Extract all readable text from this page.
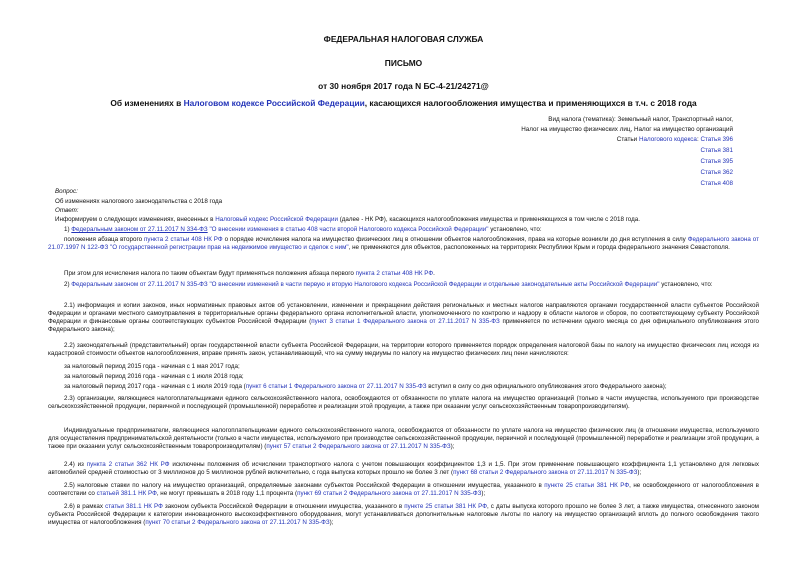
ФЕДЕРАЛЬНАЯ НАЛОГОВАЯ СЛУЖБА
ПИСЬМО
от 30 ноября 2017 года N БС-4-21/24271@
Об изменениях в Налоговом кодексе Российской Федерации, касающихся налогообложения имущества и применяющихся в т.ч. с 2018 года
Вид налога (тематика): Земельный налог, Транспортный налог,
Налог на имущество физических лиц, Налог на имущество организаций
Статьи Налогового кодекса: Статья 396
Статья 381
Статья 395
Статья 362
Статья 408
Вопрос:
Об изменениях налогового законодательства с 2018 года
Ответ:
Информируем о следующих изменениях, внесенных в Налоговый кодекс Российской Федерации (далее - НК РФ), касающихся налогообложения имущества и применяющихся в том числе с 2018 года.
1) Федеральным законом от 27.11.2017 N 334-ФЗ "О внесении изменения в статью 408 части второй Налогового кодекса Российской Федерации" установлено, что:
положения абзаца второго пункта 2 статьи 408 НК РФ о порядке исчисления налога на имущество физических лиц в отношении объектов налогообложения, права на которые возникли до дня вступления в силу Федерального закона от 21.07.1997 N 122-ФЗ "О государственной регистрации прав на недвижимое имущество и сделок с ним", не применяются для объектов, расположенных на территориях Республики Крым и города федерального значения Севастополя.
При этом для исчисления налога по таким объектам будут применяться положения абзаца первого пункта 2 статьи 408 НК РФ.
2) Федеральным законом от 27.11.2017 N 335-ФЗ "О внесении изменений в части первую и вторую Налогового кодекса Российской Федерации и отдельные законодательные акты Российской Федерации" установлено, что:
2.1) информация и копии законов, иных нормативных правовых актов об установлении, изменении и прекращении действия региональных и местных налогов направляются органами государственной власти субъектов Российской Федерации и органами местного самоуправления в территориальные органы федерального органа исполнительной власти, уполномоченного по контролю и надзору в области налогов и сборов, по соответствующему субъекту Российской Федерации и финансовые органы соответствующих субъектов Российской Федерации (пункт 3 статьи 1 Федерального закона от 27.11.2017 N 335-ФЗ применяется по истечении одного месяца со дня официального опубликования этого Федерального закона);
2.2) законодательный (представительный) орган государственной власти субъекта Российской Федерации, на территории которого применяется порядок определения налоговой базы по налогу на имущество физических лиц исходя из кадастровой стоимости объектов налогообложения, вправе принять закон, устанавливающий, что на сумму медиумы по налогу на имущество физических лиц пени начисляются:
за налоговый период 2015 года - начиная с 1 мая 2017 года;
за налоговый период 2016 года - начиная с 1 июля 2018 года;
за налоговый период 2017 года - начиная с 1 июля 2019 года (пункт 6 статьи 1 Федерального закона от 27.11.2017 N 335-ФЗ вступил в силу со дня официального опубликования этого Федерального закона);
2.3) организации, являющиеся налогоплательщиками единого сельскохозяйственного налога, освобождаются от обязанности по уплате налога на имущество организаций (только в части имущества, используемого при производстве сельскохозяйственной продукции, первичной и последующей (промышленной) переработке и реализации этой продукции, а также при оказании услуг сельскохозяйственным товаропроизводителям).
Индивидуальные предприниматели, являющиеся налогоплательщиками единого сельскохозяйственного налога, освобождаются от обязанности по уплате налога на имущество физических лиц (в отношении имущества, используемого для осуществления предпринимательской деятельности (только в части имущества, используемого при производстве сельскохозяйственной продукции, первичной и последующей (промышленной) переработке и реализации этой продукции, а также при оказании услуг сельскохозяйственным товаропроизводителям) (пункт 57 статьи 2 Федерального закона от 27.11.2017 N 335-ФЗ);
2.4) из пункта 2 статьи 362 НК РФ исключены положения об исчислении транспортного налога с учетом повышающих коэффициентов 1,3 и 1,5. При этом применение повышающего коэффициента 1,1 установлено для легковых автомобилей средней стоимостью от 3 миллионов до 5 миллионов рублей включительно, с года выпуска которых прошло не более 3 лет (пункт 68 статьи 2 Федерального закона от 27.11.2017 N 335-ФЗ);
2.5) налоговые ставки по налогу на имущество организаций, определяемые законами субъектов Российской Федерации в отношении имущества, указанного в пункте 25 статьи 381 НК РФ, не освобожденного от налогообложения в соответствии со статьей 381.1 НК РФ, не могут превышать в 2018 году 1,1 процента (пункт 69 статьи 2 Федерального закона от 27.11.2017 N 335-ФЗ);
2.6) в рамках статьи 381.1 НК РФ законом субъекта Российской Федерации в отношении имущества, указанного в пункте 25 статьи 381 НК РФ, с даты выпуска которого прошло не более 3 лет, а также имущества, отнесенного законом субъекта Российской Федерации к категории инновационного высокоэффективного оборудования, могут устанавливаться дополнительные налоговые льготы по налогу на имущество организаций вплоть до полного освобождения такого имущества от налогообложения (пункт 70 статьи 2 Федерального закона от 27.11.2017 N 335-ФЗ);
